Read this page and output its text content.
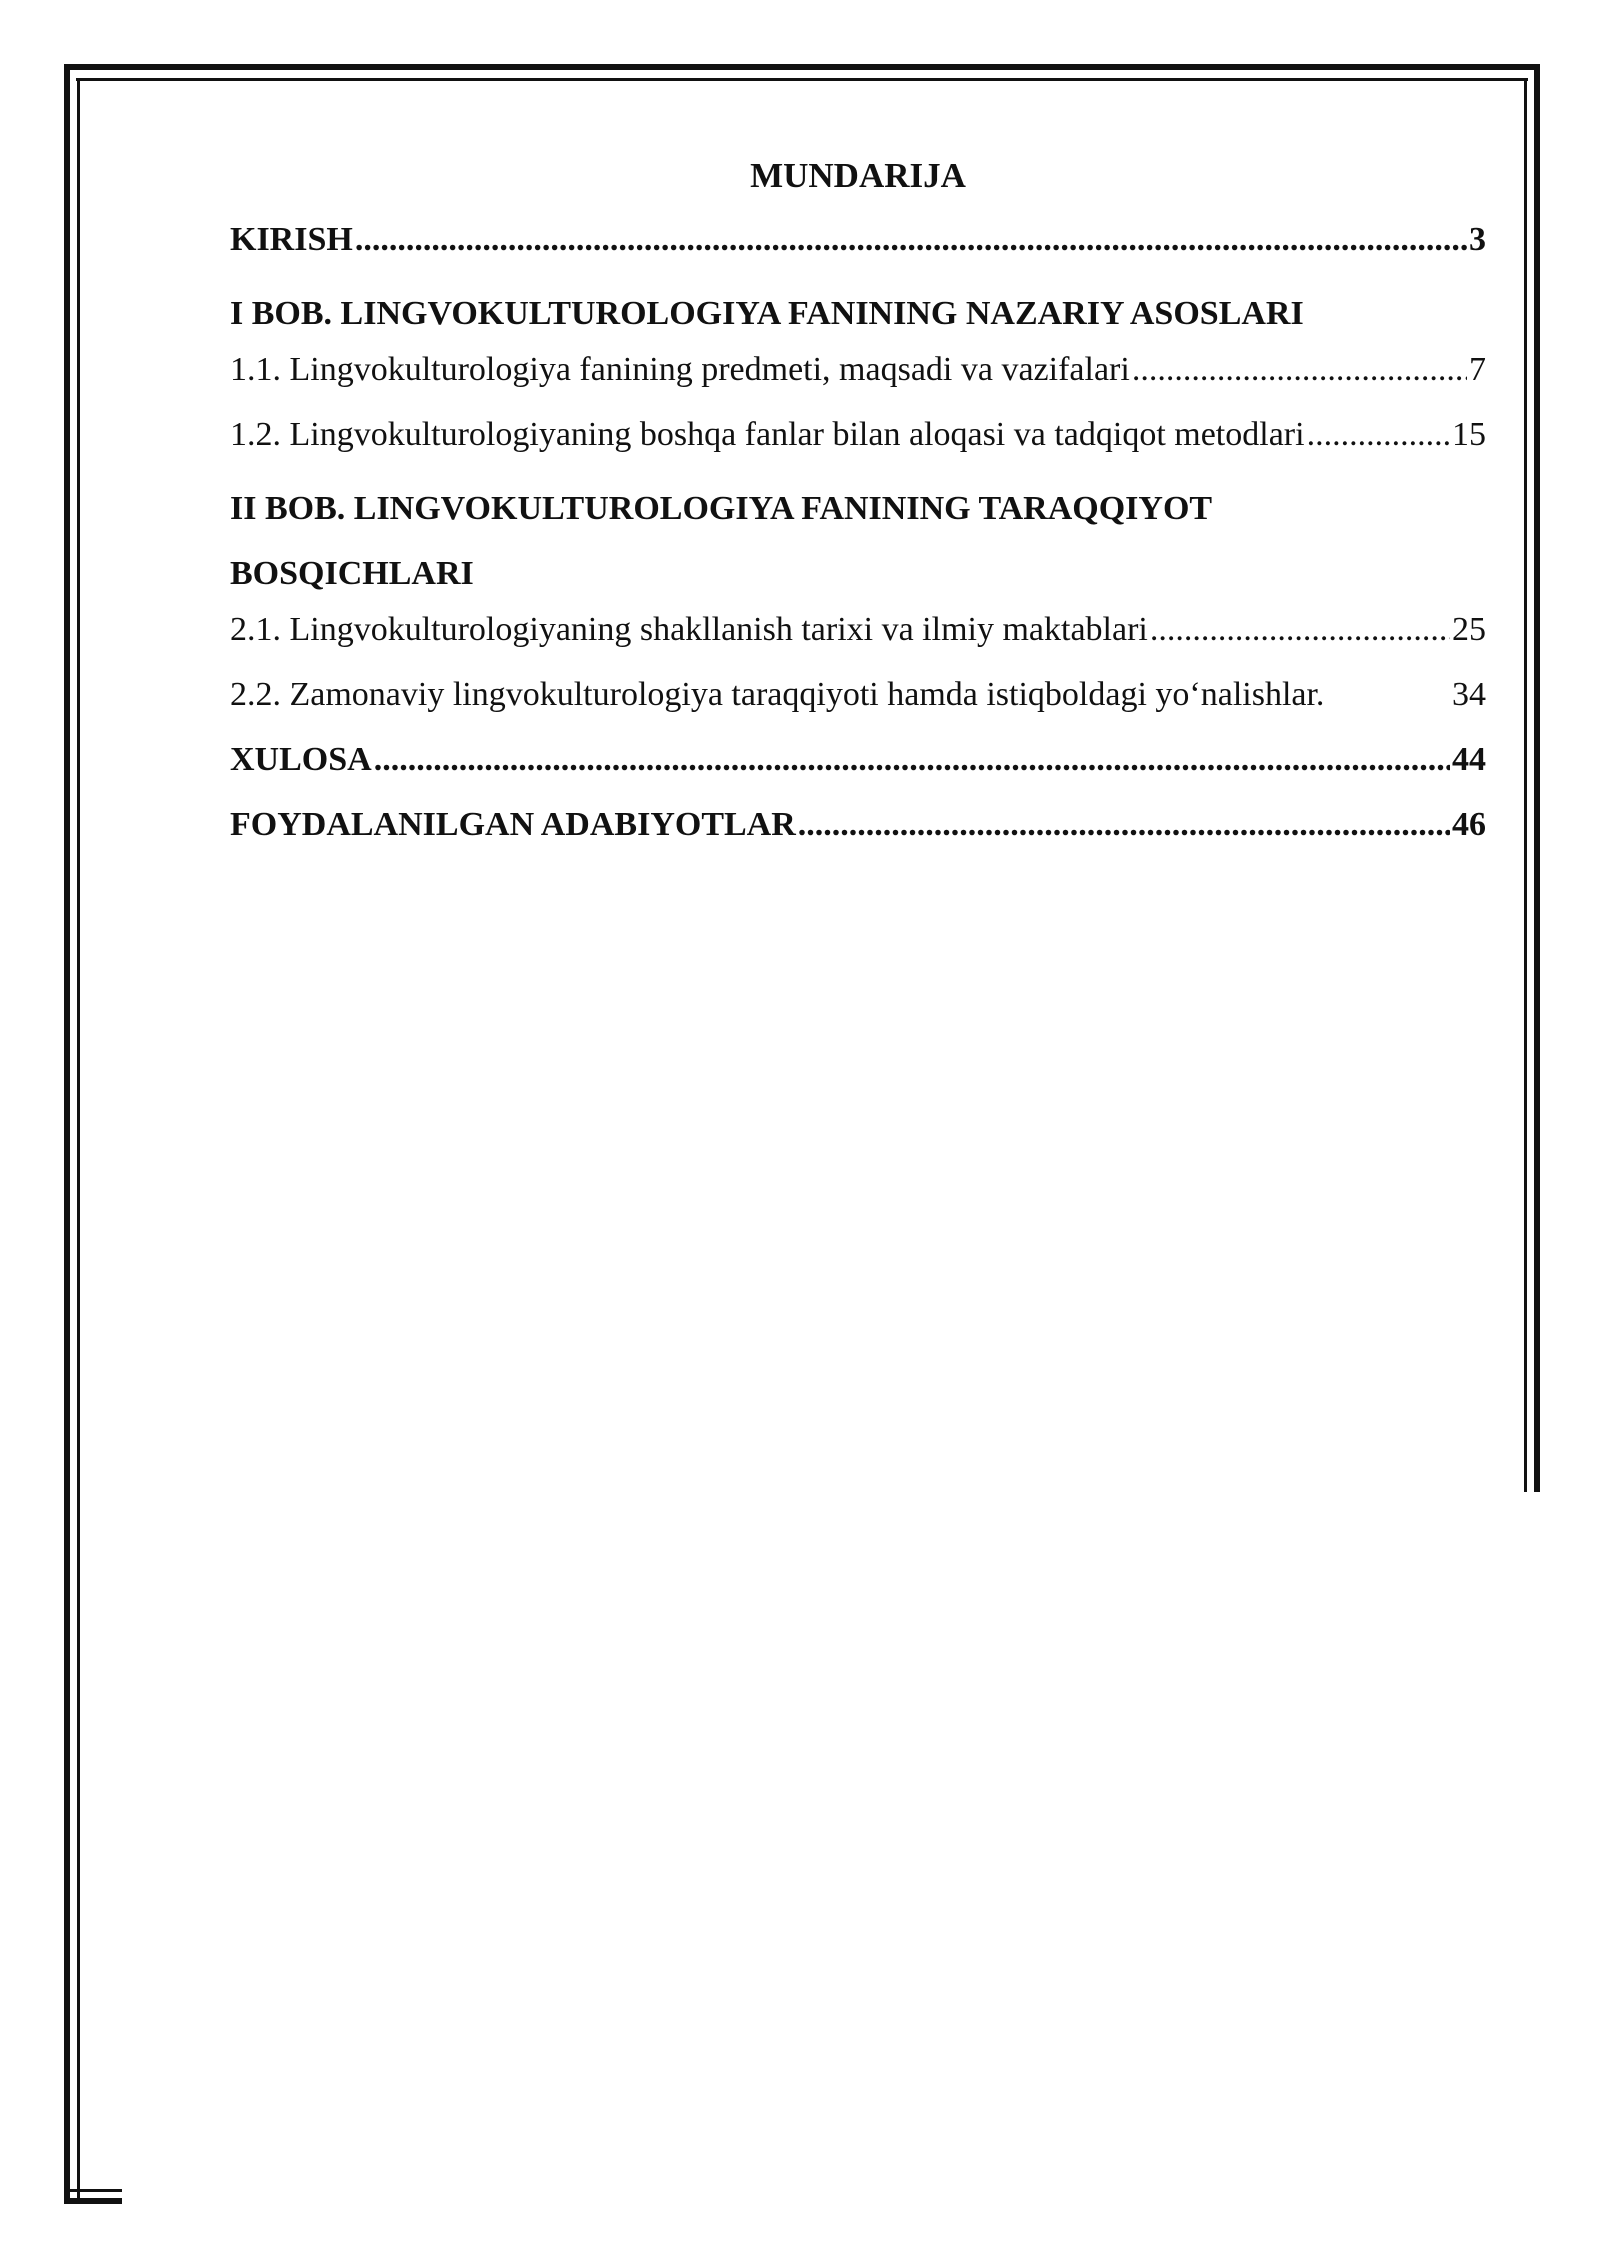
MUNDARIJA
KIRISH .....	3
I BOB. LINGVOKULTUROLOGIYA FANINING NAZARIY ASOSLARI
1.1. Lingvokulturologiya fanining predmeti, maqsadi va vazifalari .....	7
1.2. Lingvokulturologiyaning boshqa fanlar bilan aloqasi va tadqiqot metodlari .....	15
II BOB. LINGVOKULTUROLOGIYA FANINING TARAQQIYOT BOSQICHLARI
2.1. Lingvokulturologiyaning shakllanish tarixi va ilmiy maktablari .....	25
2.2. Zamonaviy lingvokulturologiya taraqqiyoti hamda istiqboldagi yo‘nalishlar.	34
XULOSA .....	44
FOYDALANILGAN ADABIYOTLAR .....	46
